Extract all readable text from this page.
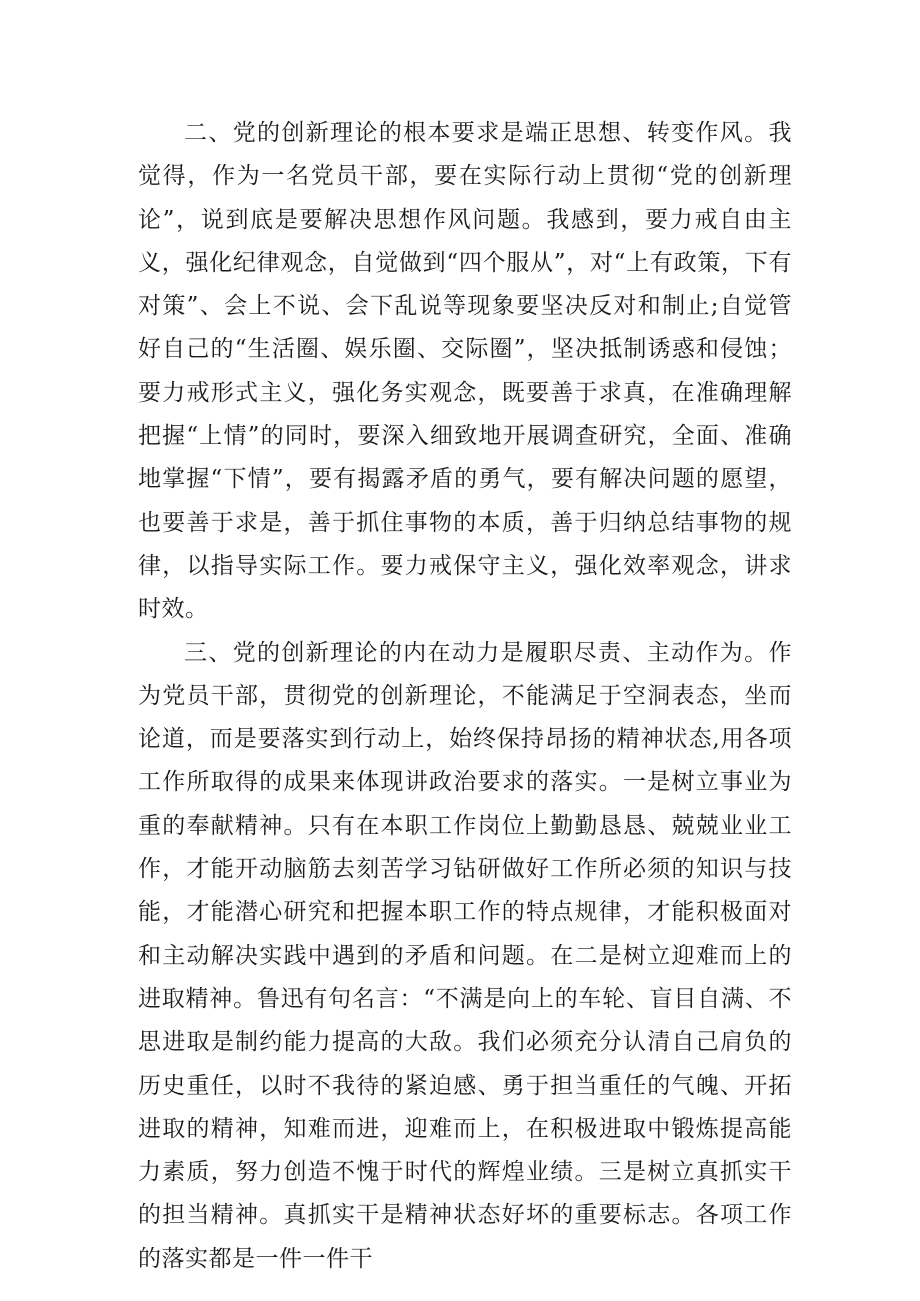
二、党的创新理论的根本要求是端正思想、转变作风。我觉得，作为一名党员干部，要在实际行动上贯彻“党的创新理论”，说到底是要解决思想作风问题。我感到，要力戒自由主义，强化纪律观念，自觉做到“四个服从”，对“上有政策，下有对策”、会上不说、会下乱说等现象要坚决反对和制止;自觉管好自己的“生活圈、娱乐圈、交际圈”，坚决抵制诱惑和侵蚀；要力戒形式主义，强化务实观念，既要善于求真，在准确理解把握“上情”的同时，要深入细致地开展调查研究，全面、准确地掌握“下情”，要有揭露矛盾的勇气，要有解决问题的愿望，也要善于求是，善于抓住事物的本质，善于归纳总结事物的规律，以指导实际工作。要力戒保守主义，强化效率观念，讲求时效。

三、党的创新理论的内在动力是履职尽责、主动作为。作为党员干部，贯彻党的创新理论，不能满足于空洞表态，坐而论道，而是要落实到行动上，始终保持昂扬的精神状态,用各项工作所取得的成果来体现讲政治要求的落实。一是树立事业为重的奉献精神。只有在本职工作岗位上勤勤恳恳、兢兢业业工作，才能开动脑筋去刻苦学习钻研做好工作所必须的知识与技能，才能潜心研究和把握本职工作的特点规律，才能积极面对和主动解决实践中遇到的矛盾和问题。在二是树立迎难而上的进取精神。鲁迅有句名言：“不满是向上的车轮、盲目自满、不思进取是制约能力提高的大敌。我们必须充分认清自己肩负的历史重任，以时不我待的紧迫感、勇于担当重任的气魄、开拓进取的精神，知难而进，迎难而上，在积极进取中锻炼提高能力素质，努力创造不愧于时代的辉煌业绩。三是树立真抓实干的担当精神。真抓实干是精神状态好坏的重要标志。各项工作的落实都是一件一件干
